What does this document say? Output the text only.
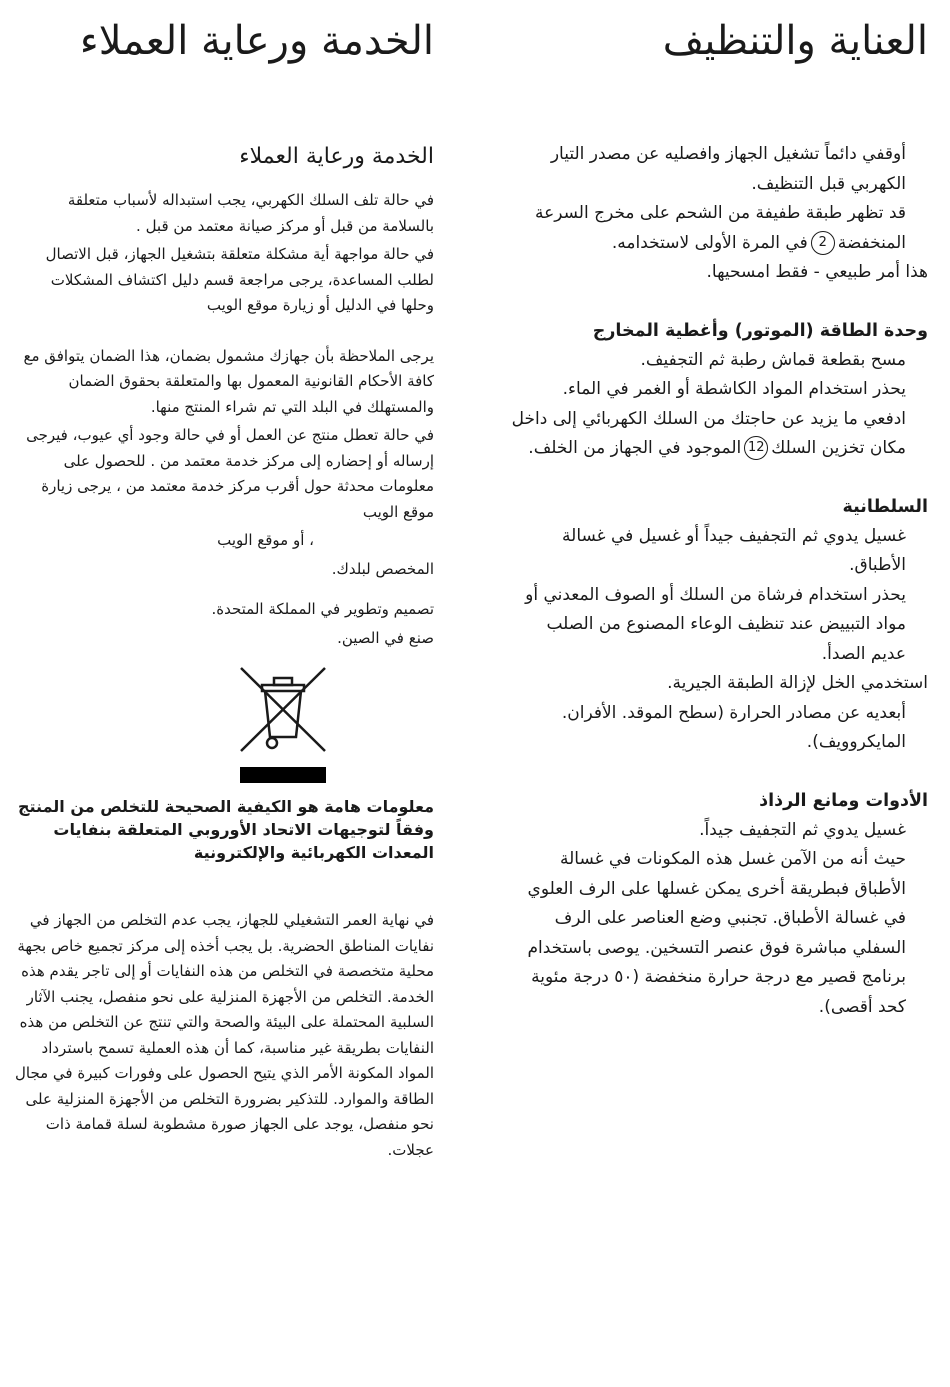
العناية والتنظيف
الخدمة ورعاية العملاء

أوقفي دائماً تشغيل الجهاز وافصليه عن مصدر التيار الكهربي قبل التنظيف.

قد تظهر طبقة طفيفة من الشحم على مخرج السرعة المنخفضة2في المرة الأولى لاستخدامه.

هذا أمر طبيعي - فقط امسحيها.

وحدة الطاقة (الموتور) وأغطية المخارج

مسح بقطعة قماش رطبة ثم التجفيف.

يحذر استخدام المواد الكاشطة أو الغمر في الماء.

ادفعي ما يزيد عن حاجتك من السلك الكهربائي إلى داخل مكان تخزين السلك12الموجود في الجهاز من الخلف.

السلطانية

غسيل يدوي ثم التجفيف جيداً أو غسيل في غسالة الأطباق.

يحذر استخدام فرشاة من السلك أو الصوف المعدني أو مواد التبييض عند تنظيف الوعاء المصنوع من الصلب عديم الصدأ.

استخدمي الخل لإزالة الطبقة الجيرية.

أبعديه عن مصادر الحرارة (سطح الموقد. الأفران. المايكروويف).

الأدوات ومانع الرذاذ

غسيل يدوي ثم التجفيف جيداً.

حيث أنه من الآمن غسل هذه المكونات في غسالة الأطباق فبطريقة أخرى يمكن غسلها على الرف العلوي في غسالة الأطباق. تجنبي وضع العناصر على الرف السفلي مباشرة فوق عنصر التسخين. يوصى باستخدام برنامج قصير مع درجة حرارة منخفضة (٥٠ درجة مئوية كحد أقصى).

الخدمة ورعاية العملاء

في حالة تلف السلك الكهربي، يجب استبداله لأسباب متعلقة بالسلامة من قبل أو مركز صيانة معتمد من قبل .

في حالة مواجهة أية مشكلة متعلقة بتشغيل الجهاز، قبل الاتصال لطلب المساعدة، يرجى مراجعة قسم دليل اكتشاف المشكلات وحلها في الدليل أو زيارة موقع الويب

يرجى الملاحظة بأن جهازك مشمول بضمان، هذا الضمان يتوافق مع كافة الأحكام القانونية المعمول بها والمتعلقة بحقوق الضمان والمستهلك في البلد التي تم شراء المنتج منها.

في حالة تعطل منتج عن العمل أو في حالة وجود أي عيوب، فيرجى إرساله أو إحضاره إلى مركز خدمة معتمد من . للحصول على معلومات محدثة حول أقرب مركز خدمة معتمد من ، يرجى زيارة موقع الويب

، أو موقع الويب

المخصص لبلدك.

تصميم وتطوير في المملكة المتحدة.

صنع في الصين.

معلومات هامة هو الكيفية الصحيحة للتخلص من المنتج وفقاً لتوجيهات الاتحاد الأوروبي المتعلقة بنفايات المعدات الكهربائية والإلكترونية

في نهاية العمر التشغيلي للجهاز، يجب عدم التخلص من الجهاز في نفايات المناطق الحضرية. بل يجب أخذه إلى مركز تجميع خاص بجهة محلية متخصصة في التخلص من هذه النفايات أو إلى تاجر يقدم هذه الخدمة. التخلص من الأجهزة المنزلية على نحو منفصل، يجنب الآثار السلبية المحتملة على البيئة والصحة والتي تنتج عن التخلص من هذه النفايات بطريقة غير مناسبة، كما أن هذه العملية تسمح باسترداد المواد المكونة الأمر الذي يتيح الحصول على وفورات كبيرة في مجال الطاقة والموارد. للتذكير بضرورة التخلص من الأجهزة المنزلية على نحو منفصل، يوجد على الجهاز صورة مشطوبة لسلة قمامة ذات عجلات.
